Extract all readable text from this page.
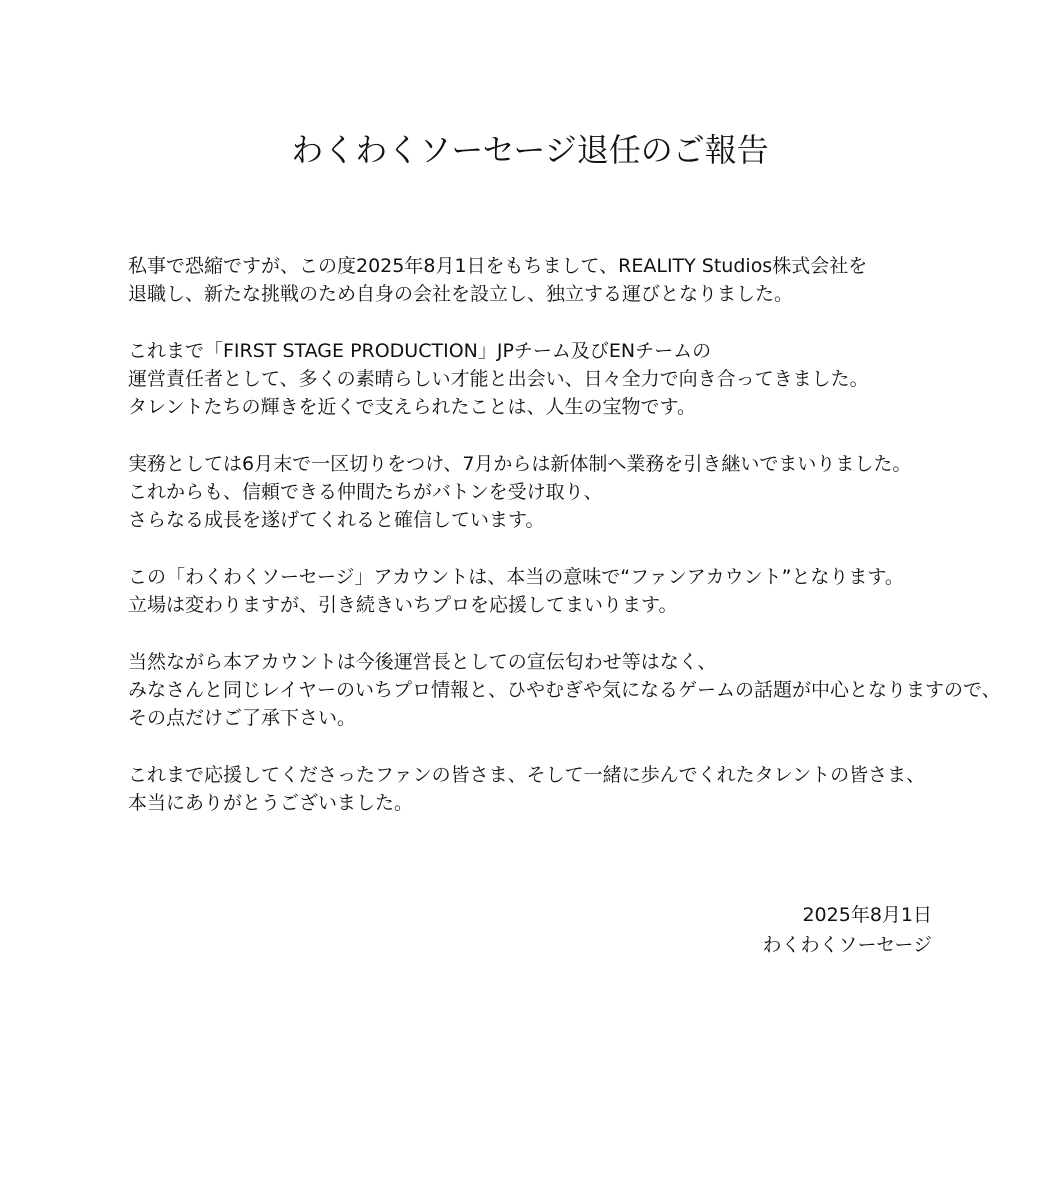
わくわくソーセージ退任のご報告

私事で恐縮ですが、この度2025年8月1日をもちまして、REALITY Studios株式会社を
退職し、新たな挑戦のため自身の会社を設立し、独立する運びとなりました。

これまで「FIRST STAGE PRODUCTION」JPチーム及びENチームの
運営責任者として、多くの素晴らしい才能と出会い、日々全力で向き合ってきました。
タレントたちの輝きを近くで支えられたことは、人生の宝物です。

実務としては6月末で一区切りをつけ、7月からは新体制へ業務を引き継いでまいりました。
これからも、信頼できる仲間たちがバトンを受け取り、
さらなる成長を遂げてくれると確信しています。

この「わくわくソーセージ」アカウントは、本当の意味で“ファンアカウント”となります。
立場は変わりますが、引き続きいちプロを応援してまいります。

当然ながら本アカウントは今後運営長としての宣伝匂わせ等はなく、
みなさんと同じレイヤーのいちプロ情報と、ひやむぎや気になるゲームの話題が中心となりますので、
その点だけご了承下さい。

これまで応援してくださったファンの皆さま、そして一緒に歩んでくれたタレントの皆さま、
本当にありがとうございました。

2025年8月1日
わくわくソーセージ
